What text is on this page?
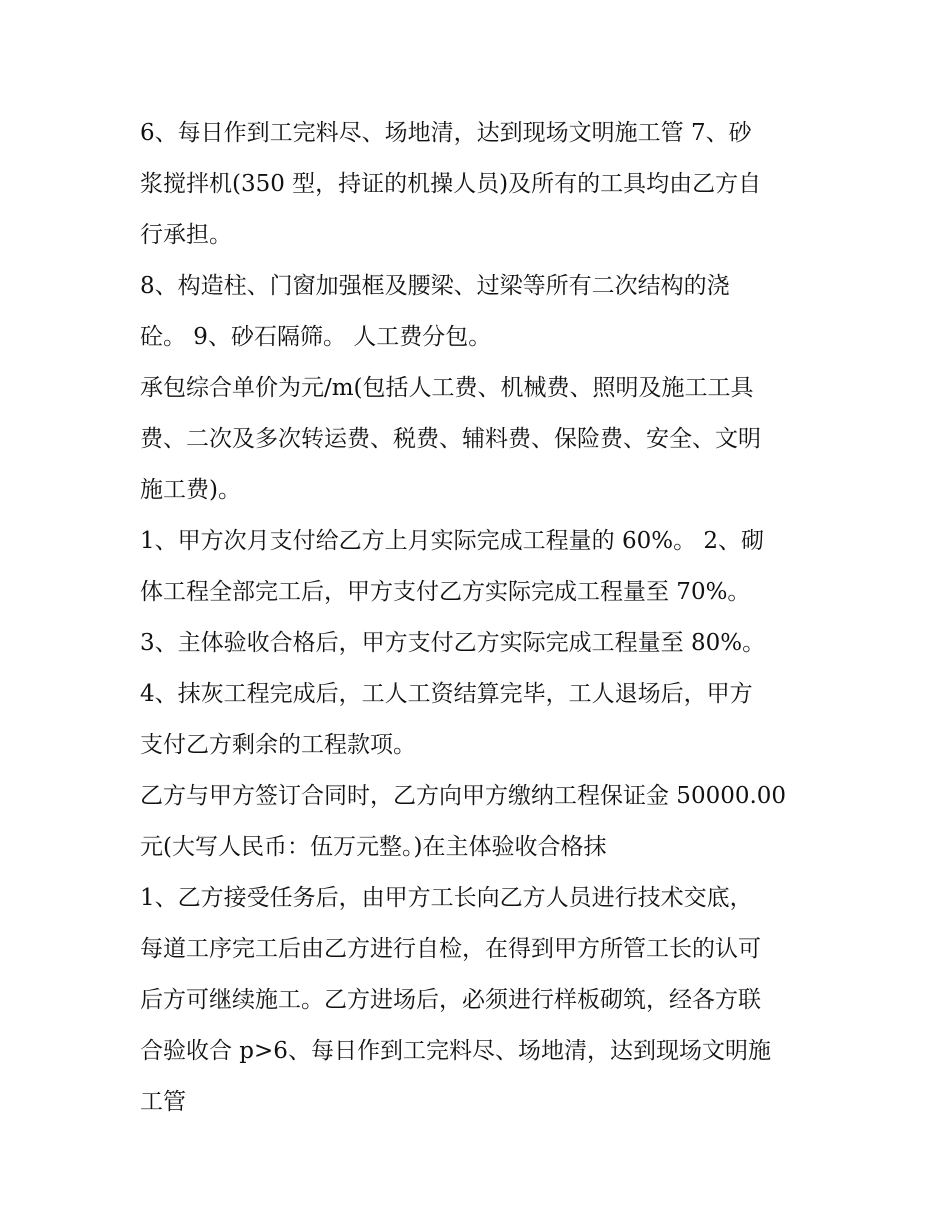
6、每日作到工完料尽、场地清，达到现场文明施工管 7、砂
浆搅拌机(350 型，持证的机操人员)及所有的工具均由乙方自
行承担。
8、构造柱、门窗加强框及腰梁、过梁等所有二次结构的浇
砼。 9、砂石隔筛。 人工费分包。
承包综合单价为元/m(包括人工费、机械费、照明及施工工具
费、二次及多次转运费、税费、辅料费、保险费、安全、文明
施工费)。
1、甲方次月支付给乙方上月实际完成工程量的 60%。 2、砌
体工程全部完工后，甲方支付乙方实际完成工程量至 70%。
3、主体验收合格后，甲方支付乙方实际完成工程量至 80%。
4、抹灰工程完成后，工人工资结算完毕，工人退场后，甲方
支付乙方剩余的工程款项。
乙方与甲方签订合同时，乙方向甲方缴纳工程保证金 50000.00
元(大写人民币：伍万元整。)在主体验收合格抹
1、乙方接受任务后，由甲方工长向乙方人员进行技术交底，
每道工序完工后由乙方进行自检，在得到甲方所管工长的认可
后方可继续施工。乙方进场后，必须进行样板砌筑，经各方联
合验收合 p>6、每日作到工完料尽、场地清，达到现场文明施
工管
